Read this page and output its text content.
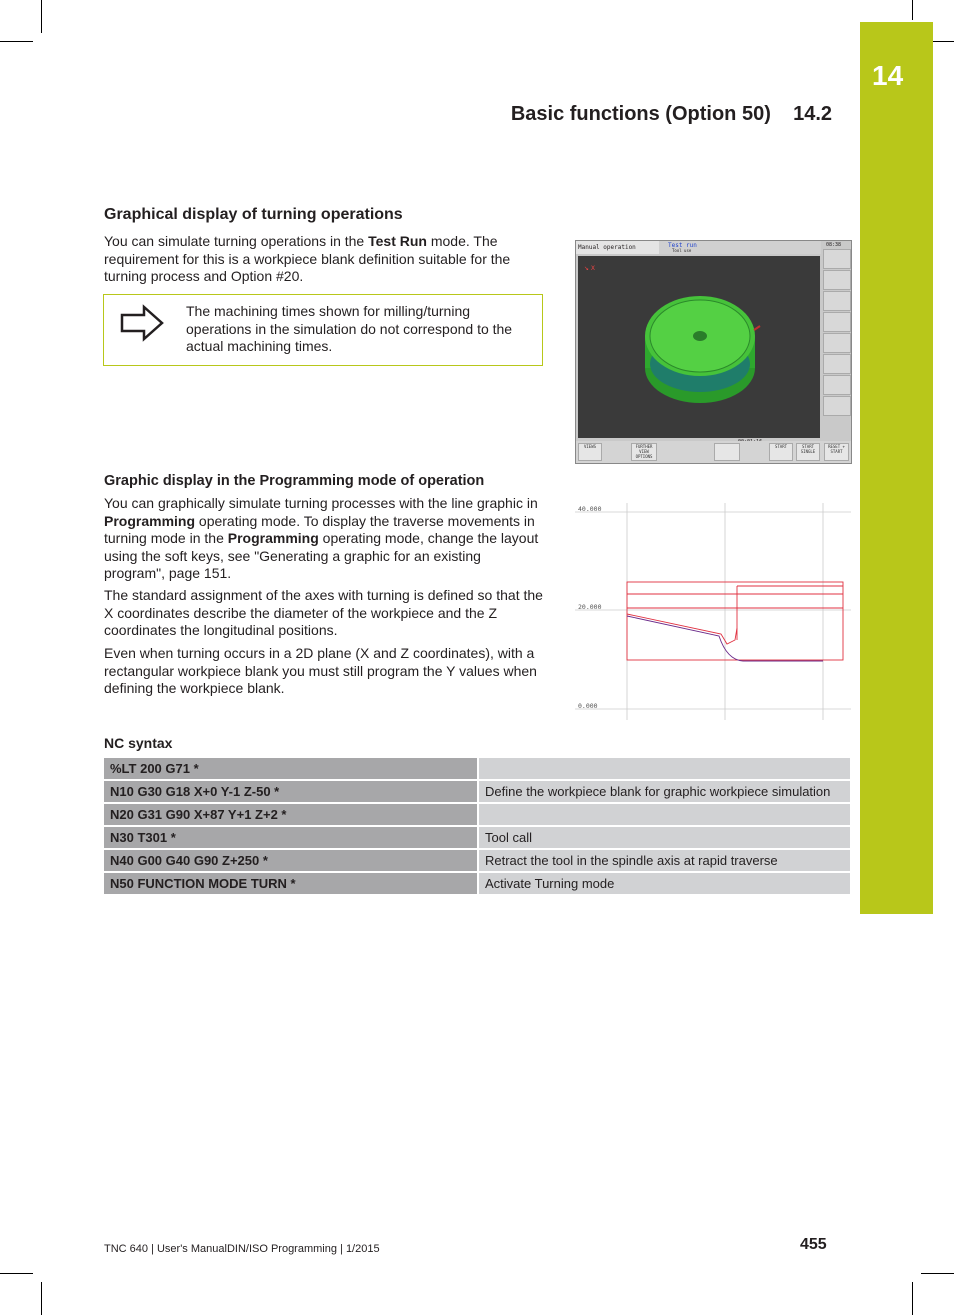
14
Basic functions (Option 50)    14.2
Graphical display of turning operations
You can simulate turning operations in the Test Run mode. The requirement for this is a workpiece blank definition suitable for the turning process and Option #20.
The machining times shown for milling/turning operations in the simulation do not correspond to the actual machining times.
Manual operation	Test run
Tool use
08:38
↘ X
VIEWS	FURTHER VIEW OPTIONS
START	START SINGLE
RESET + START
Graphic display in the Programming mode of operation
You can graphically simulate turning processes with the line graphic in Programming operating mode. To display the traverse movements in turning mode in the Programming operating mode, change the layout using the soft keys, see "Generating a graphic for an existing program", page 151.
The standard assignment of the axes with turning is defined so that the X coordinates describe the diameter of the workpiece and the Z coordinates the longitudinal positions.
Even when turning occurs in a 2D plane (X and Z coordinates), with a rectangular workpiece blank you must still program the Y values when defining the workpiece blank.
40.000
20.000
0.000
NC syntax
%LT 200 G71 *	
N10 G30 G18 X+0 Y-1 Z-50 *	Define the workpiece blank for graphic workpiece simulation
N20 G31 G90 X+87 Y+1 Z+2 *	
N30 T301 *	Tool call
N40 G00 G40 G90 Z+250 *	Retract the tool in the spindle axis at rapid traverse
N50 FUNCTION MODE TURN *	Activate Turning mode
TNC 640 | User's ManualDIN/ISO Programming | 1/2015	455
